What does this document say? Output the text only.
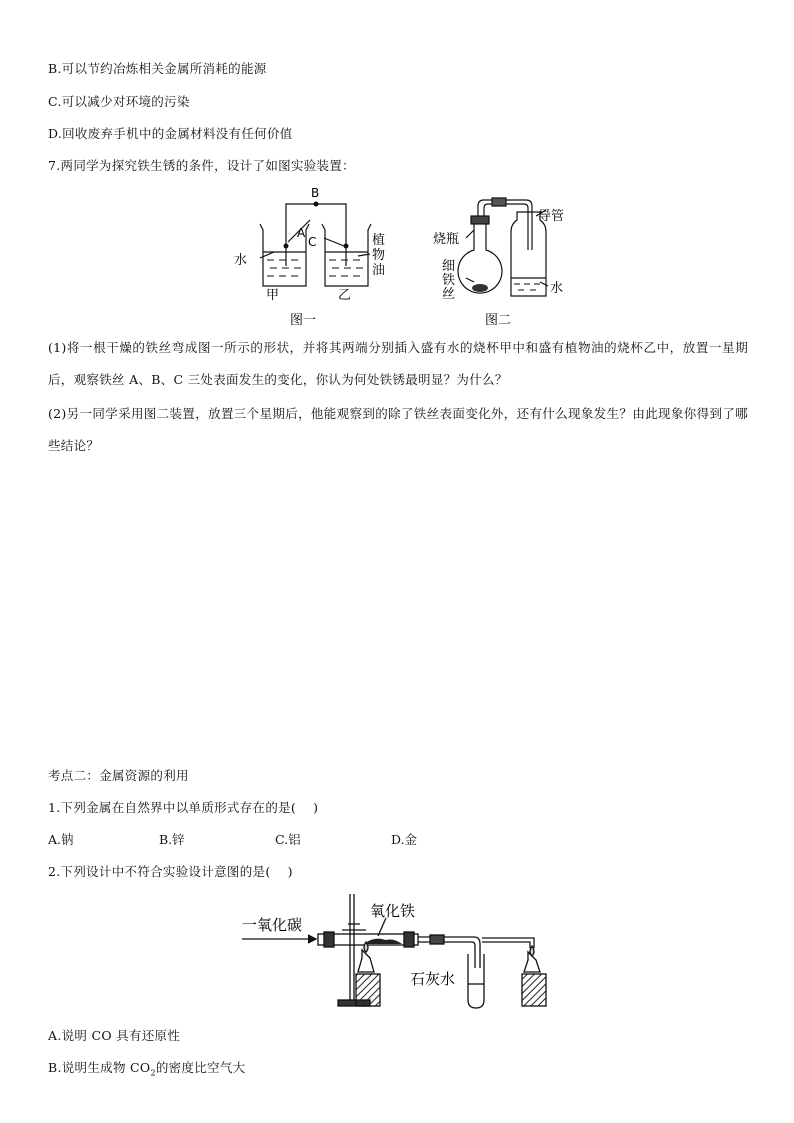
B.可以节约冶炼相关金属所消耗的能源
C.可以减少对环境的污染
D.回收废弃手机中的金属材料没有任何价值
7.两同学为探究铁生锈的条件，设计了如图实验装置：
B
A
C
水
植
物
油
甲	乙
图一
烧瓶
导管
细
铁
丝	水
图二
(1)将一根干燥的铁丝弯成图一所示的形状，并将其两端分别插入盛有水的烧杯甲中和盛有植物油的烧杯乙中，放置一星期后，观察铁丝 A、B、C 三处表面发生的变化，你认为何处铁锈最明显？为什么？
(2)另一同学采用图二装置，放置三个星期后，他能观察到的除了铁丝表面变化外，还有什么现象发生？由此现象你得到了哪些结论？
考点二：金属资源的利用
1.下列金属在自然界中以单质形式存在的是(　 )
A.钠	B.锌	C.铝	D.金
2.下列设计中不符合实验设计意图的是(　 )
一氧化碳
氧化铁
石灰水
A.说明 CO 具有还原性
B.说明生成物 $CO_2$的密度比空气大
